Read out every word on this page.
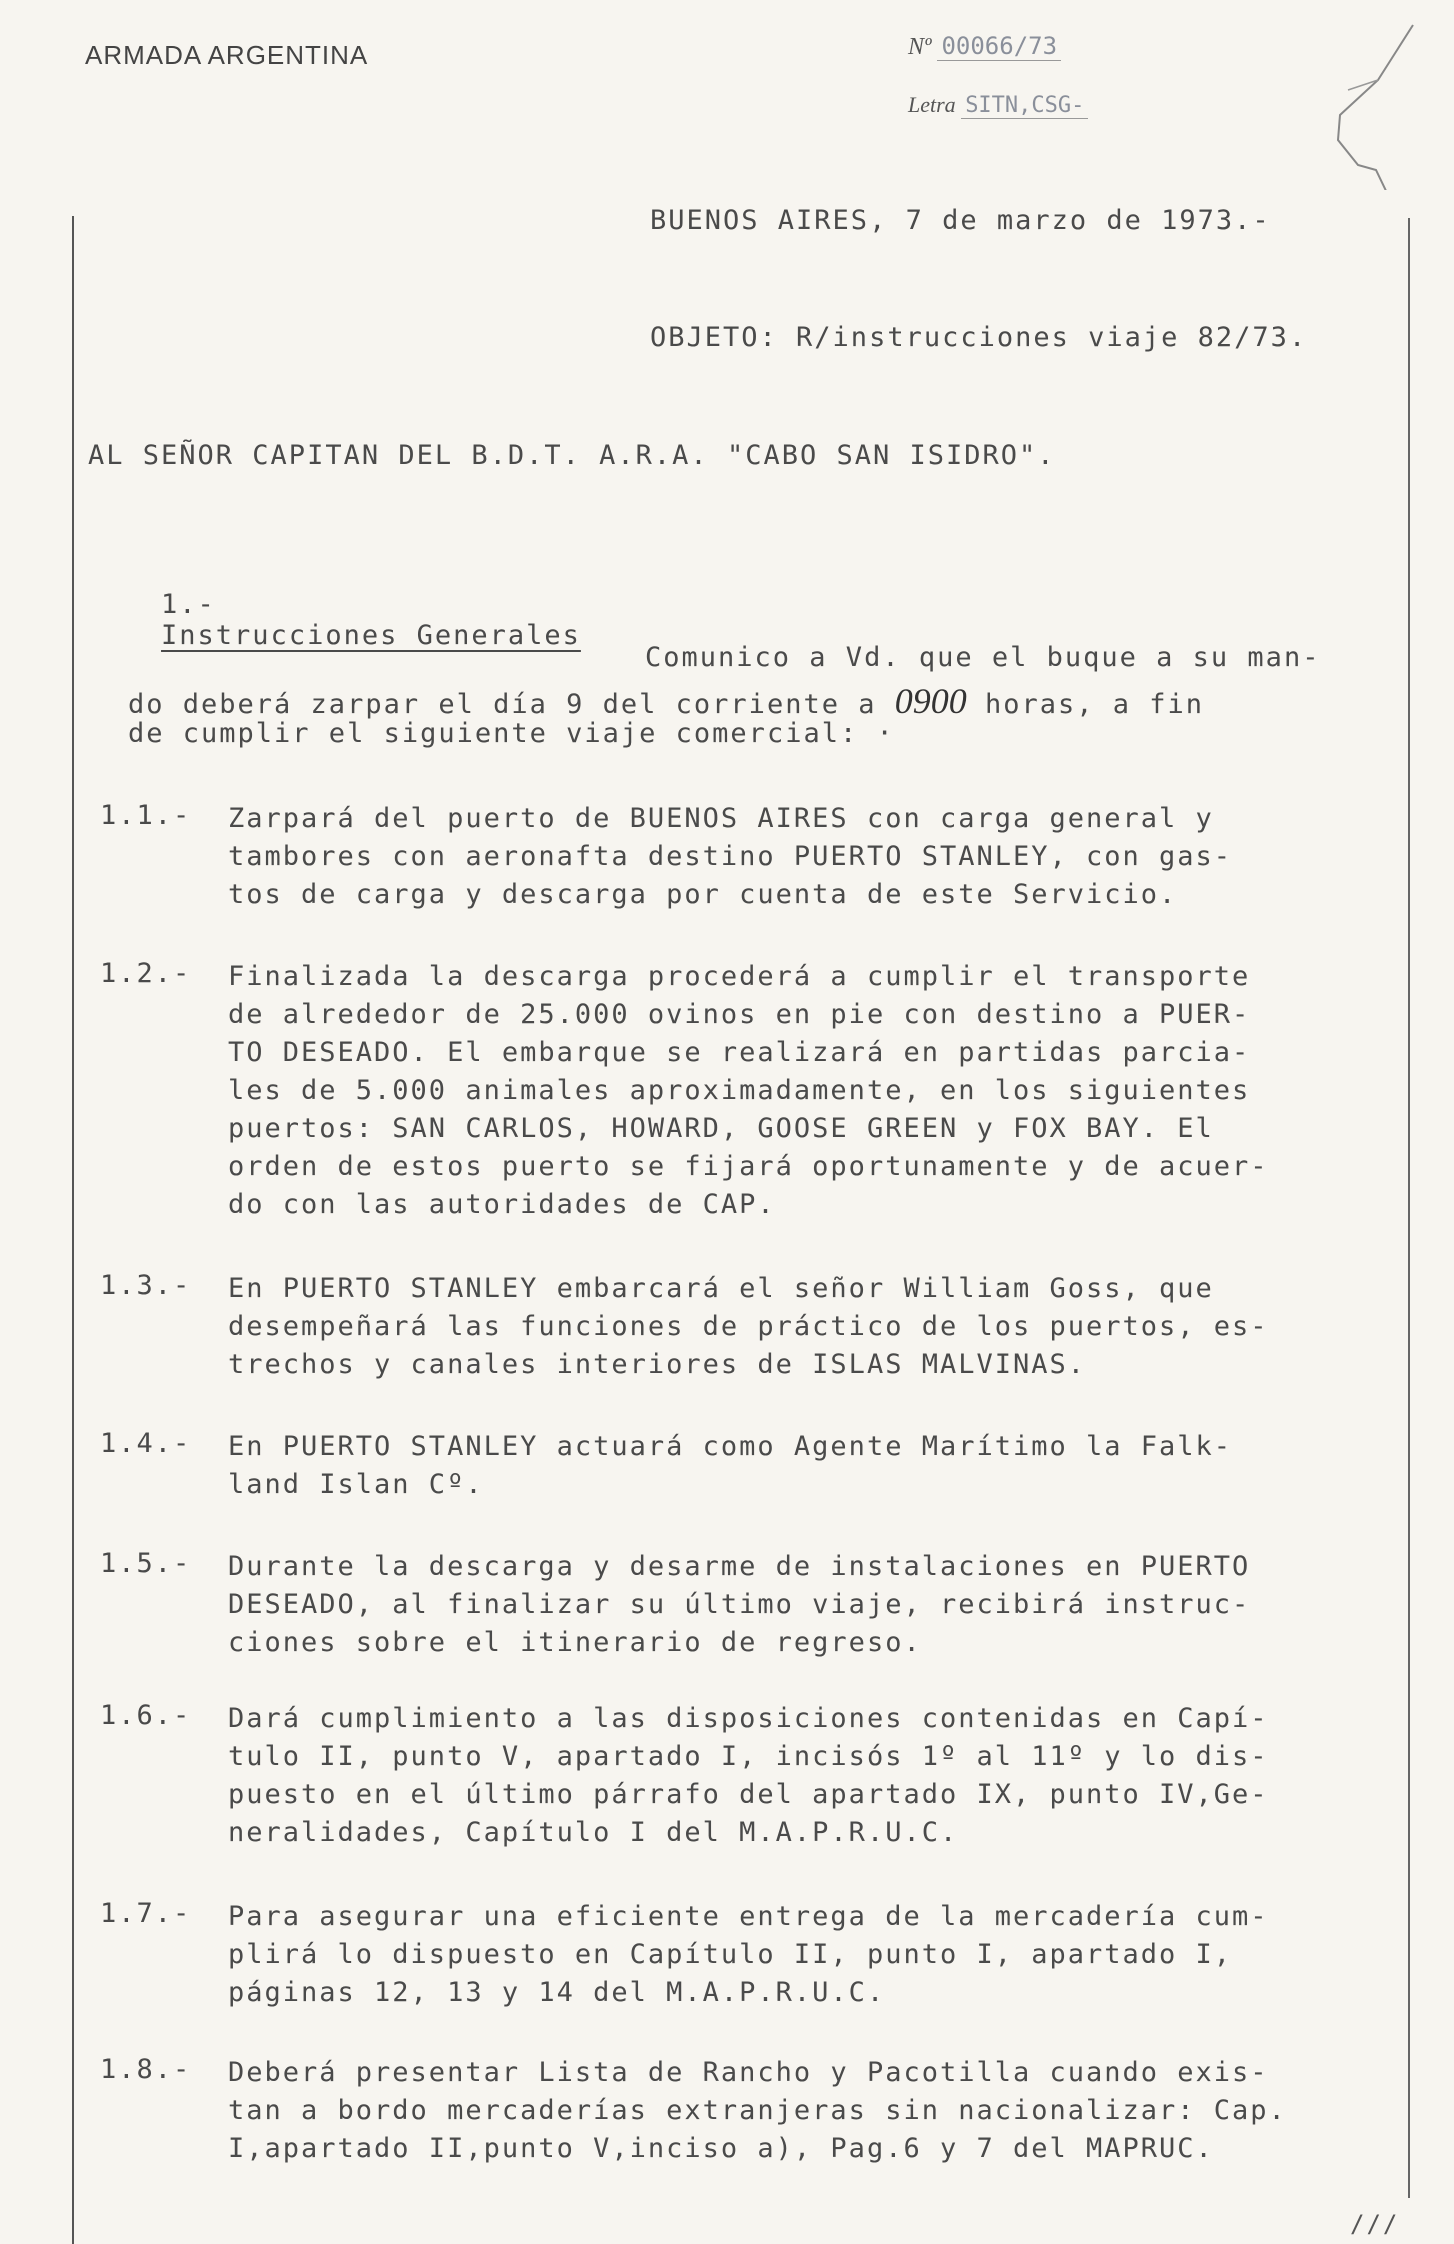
ARMADA ARGENTINA	Nº 00066/73
Letra SITN,CSG-
BUENOS AIRES, 7 de marzo de 1973.-
OBJETO: R/instrucciones viaje 82/73.
AL SEÑOR CAPITAN DEL B.D.T. A.R.A. "CABO SAN ISIDRO".

1.-
Instrucciones Generales

Comunico a Vd. que el buque a su man-
do deberá zarpar el día 9 del corriente a 0900 horas, a fin
de cumplir el siguiente viaje comercial: ·
1.1.- Zarpará del puerto de BUENOS AIRES con carga general y
tambores con aeronafta destino PUERTO STANLEY, con gas-
tos de carga y descarga por cuenta de este Servicio.
1.2.- Finalizada la descarga procederá a cumplir el transporte
de alrededor de 25.000 ovinos en pie con destino a PUER-
TO DESEADO. El embarque se realizará en partidas parcia-
les de 5.000 animales aproximadamente, en los siguientes
puertos: SAN CARLOS, HOWARD, GOOSE GREEN y FOX BAY. El
orden de estos puerto se fijará oportunamente y de acuer-
do con las autoridades de CAP.
1.3.- En PUERTO STANLEY embarcará el señor William Goss, que
desempeñará las funciones de práctico de los puertos, es-
trechos y canales interiores de ISLAS MALVINAS.
1.4.- En PUERTO STANLEY actuará como Agente Marítimo la Falk-
land Islan Cº.
1.5.- Durante la descarga y desarme de instalaciones en PUERTO
DESEADO, al finalizar su último viaje, recibirá instruc-
ciones sobre el itinerario de regreso.
1.6.- Dará cumplimiento a las disposiciones contenidas en Capí-
tulo II, punto V, apartado I, incisós 1º al 11º y lo dis-
puesto en el último párrafo del apartado IX, punto IV,Ge-
neralidades, Capítulo I del M.A.P.R.U.C.
1.7.- Para asegurar una eficiente entrega de la mercadería cum-
plirá lo dispuesto en Capítulo II, punto I, apartado I,
páginas 12, 13 y 14 del M.A.P.R.U.C.
1.8.- Deberá presentar Lista de Rancho y Pacotilla cuando exis-
tan a bordo mercaderías extranjeras sin nacionalizar: Cap.
I,apartado II,punto V,inciso a), Pag.6 y 7 del MAPRUC.
///
